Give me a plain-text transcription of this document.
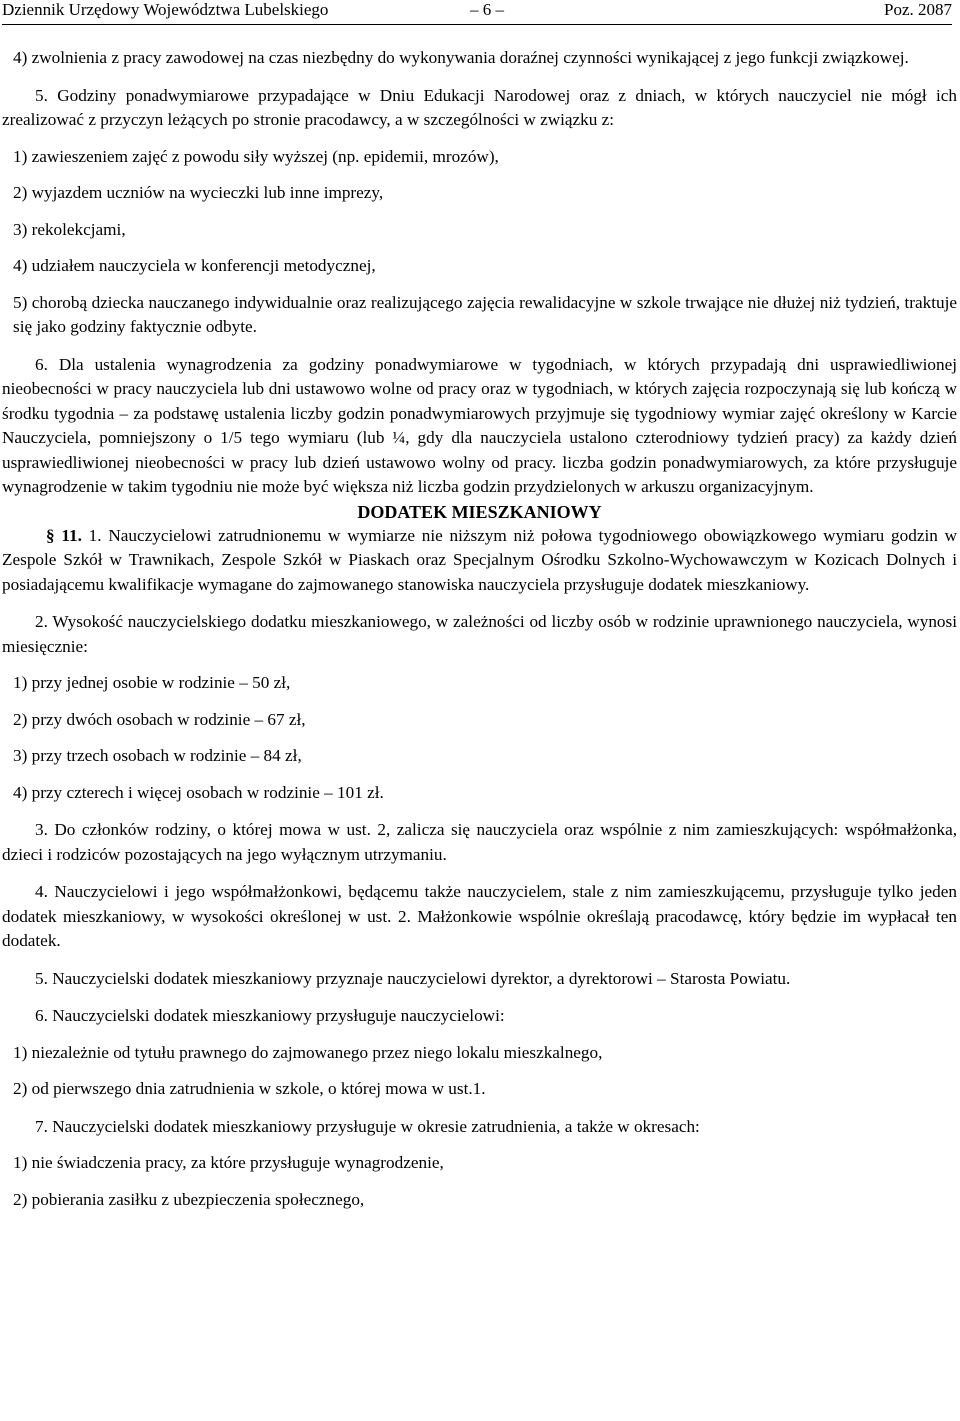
Dziennik Urzędowy Województwa Lubelskiego	– 6 –	Poz. 2087

4) zwolnienia z pracy zawodowej na czas niezbędny do wykonywania doraźnej czynności wynikającej z jego funkcji związkowej.

5. Godziny ponadwymiarowe przypadające w Dniu Edukacji Narodowej oraz z dniach, w których nauczyciel nie mógł ich zrealizować z przyczyn leżących po stronie pracodawcy, a w szczególności w związku z:

1) zawieszeniem zajęć z powodu siły wyższej (np. epidemii, mrozów),

2) wyjazdem uczniów na wycieczki lub inne imprezy,

3) rekolekcjami,

4) udziałem nauczyciela w konferencji metodycznej,

5) chorobą dziecka nauczanego indywidualnie oraz realizującego zajęcia rewalidacyjne w szkole trwające nie dłużej niż tydzień, traktuje się jako godziny faktycznie odbyte.

6. Dla ustalenia wynagrodzenia za godziny ponadwymiarowe w tygodniach, w których przypadają dni usprawiedliwionej nieobecności w pracy nauczyciela lub dni ustawowo wolne od pracy oraz w tygodniach, w których zajęcia rozpoczynają się lub kończą w środku tygodnia – za podstawę ustalenia liczby godzin ponadwymiarowych przyjmuje się tygodniowy wymiar zajęć określony w Karcie Nauczyciela, pomniejszony o 1/5 tego wymiaru (lub ¼, gdy dla nauczyciela ustalono czterodniowy tydzień pracy) za każdy dzień usprawiedliwionej nieobecności w pracy lub dzień ustawowo wolny od pracy. liczba godzin ponadwymiarowych, za które przysługuje wynagrodzenie w takim tygodniu nie może być większa niż liczba godzin przydzielonych w arkuszu organizacyjnym.

DODATEK MIESZKANIOWY

§ 11. 1. Nauczycielowi zatrudnionemu w wymiarze nie niższym niż połowa tygodniowego obowiązkowego wymiaru godzin w Zespole Szkół w Trawnikach, Zespole Szkół w Piaskach oraz Specjalnym Ośrodku Szkolno-Wychowawczym w Kozicach Dolnych i posiadającemu kwalifikacje wymagane do zajmowanego stanowiska nauczyciela przysługuje dodatek mieszkaniowy.

2. Wysokość nauczycielskiego dodatku mieszkaniowego, w zależności od liczby osób w rodzinie uprawnionego nauczyciela, wynosi miesięcznie:

1) przy jednej osobie w rodzinie – 50 zł,

2) przy dwóch osobach w rodzinie – 67 zł,

3) przy trzech osobach w rodzinie – 84 zł,

4) przy czterech i więcej osobach w rodzinie – 101 zł.

3. Do członków rodziny, o której mowa w ust. 2, zalicza się nauczyciela oraz wspólnie z nim zamieszkujących: współmałżonka, dzieci i rodziców pozostających na jego wyłącznym utrzymaniu.

4. Nauczycielowi i jego współmałżonkowi, będącemu także nauczycielem, stale z nim zamieszkującemu, przysługuje tylko jeden dodatek mieszkaniowy, w wysokości określonej w ust. 2. Małżonkowie wspólnie określają pracodawcę, który będzie im wypłacał ten dodatek.

5. Nauczycielski dodatek mieszkaniowy przyznaje nauczycielowi dyrektor, a dyrektorowi – Starosta Powiatu.

6. Nauczycielski dodatek mieszkaniowy przysługuje nauczycielowi:

1) niezależnie od tytułu prawnego do zajmowanego przez niego lokalu mieszkalnego,

2) od pierwszego dnia zatrudnienia w szkole, o której mowa w ust.1.

7. Nauczycielski dodatek mieszkaniowy przysługuje w okresie zatrudnienia, a także w okresach:

1) nie świadczenia pracy, za które przysługuje wynagrodzenie,

2) pobierania zasiłku z ubezpieczenia społecznego,
